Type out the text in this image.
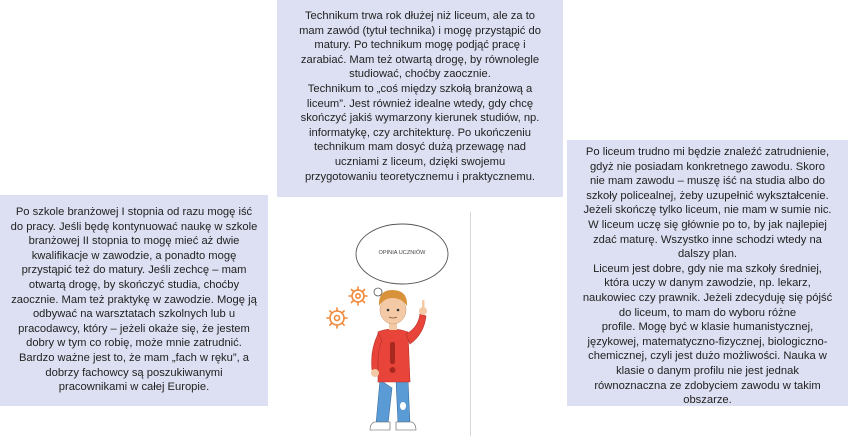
Technikum trwa rok dłużej niż liceum, ale za to
mam zawód (tytuł technika) i mogę przystąpić do
matury. Po technikum mogę podjąć pracę i
zarabiać. Mam też otwartą drogę, by równolegle
studiować, choćby zaocznie.
Technikum to „coś między szkołą branżową a
liceum”. Jest również idealne wtedy, gdy chcę
skończyć jakiś wymarzony kierunek studiów, np.
informatykę, czy architekturę. Po ukończeniu
technikum mam dosyć dużą przewagę nad
uczniami z liceum, dzięki swojemu
przygotowaniu teoretycznemu i praktycznemu.

Po szkole branżowej I stopnia od razu mogę iść
do pracy. Jeśli będę kontynuować naukę w szkole
branżowej II stopnia to mogę mieć aż dwie
kwalifikacje w zawodzie, a ponadto mogę
przystąpić też do matury. Jeśli zechcę – mam
otwartą drogę, by skończyć studia, choćby
zaocznie. Mam też praktykę w zawodzie. Mogę ją
odbywać na warsztatach szkolnych lub u
pracodawcy, który – jeżeli okaże się, że jestem
dobry w tym co robię, może mnie zatrudnić.
Bardzo ważne jest to, że mam „fach w ręku”, a
dobrzy fachowcy są poszukiwanymi
pracownikami w całej Europie.

Po liceum trudno mi będzie znaleźć zatrudnienie,
gdyż nie posiadam konkretnego zawodu. Skoro
nie mam zawodu – muszę iść na studia albo do
szkoły policealnej, żeby uzupełnić wykształcenie.
Jeżeli skończę tylko liceum, nie mam w sumie nic.
W liceum uczę się głównie po to, by jak najlepiej
zdać maturę. Wszystko inne schodzi wtedy na
dalszy plan.
Liceum jest dobre, gdy nie ma szkoły średniej,
która uczy w danym zawodzie, np. lekarz,
naukowiec czy prawnik. Jeżeli zdecyduję się pójść
do liceum, to mam do wyboru różne
profile. Mogę być w klasie humanistycznej,
językowej, matematyczno-fizycznej, biologiczno-
chemicznej, czyli jest dużo możliwości. Nauka w
klasie o danym profilu nie jest jednak
równoznaczna ze zdobyciem zawodu w takim
obszarze.

OPINIA UCZNIÓW
